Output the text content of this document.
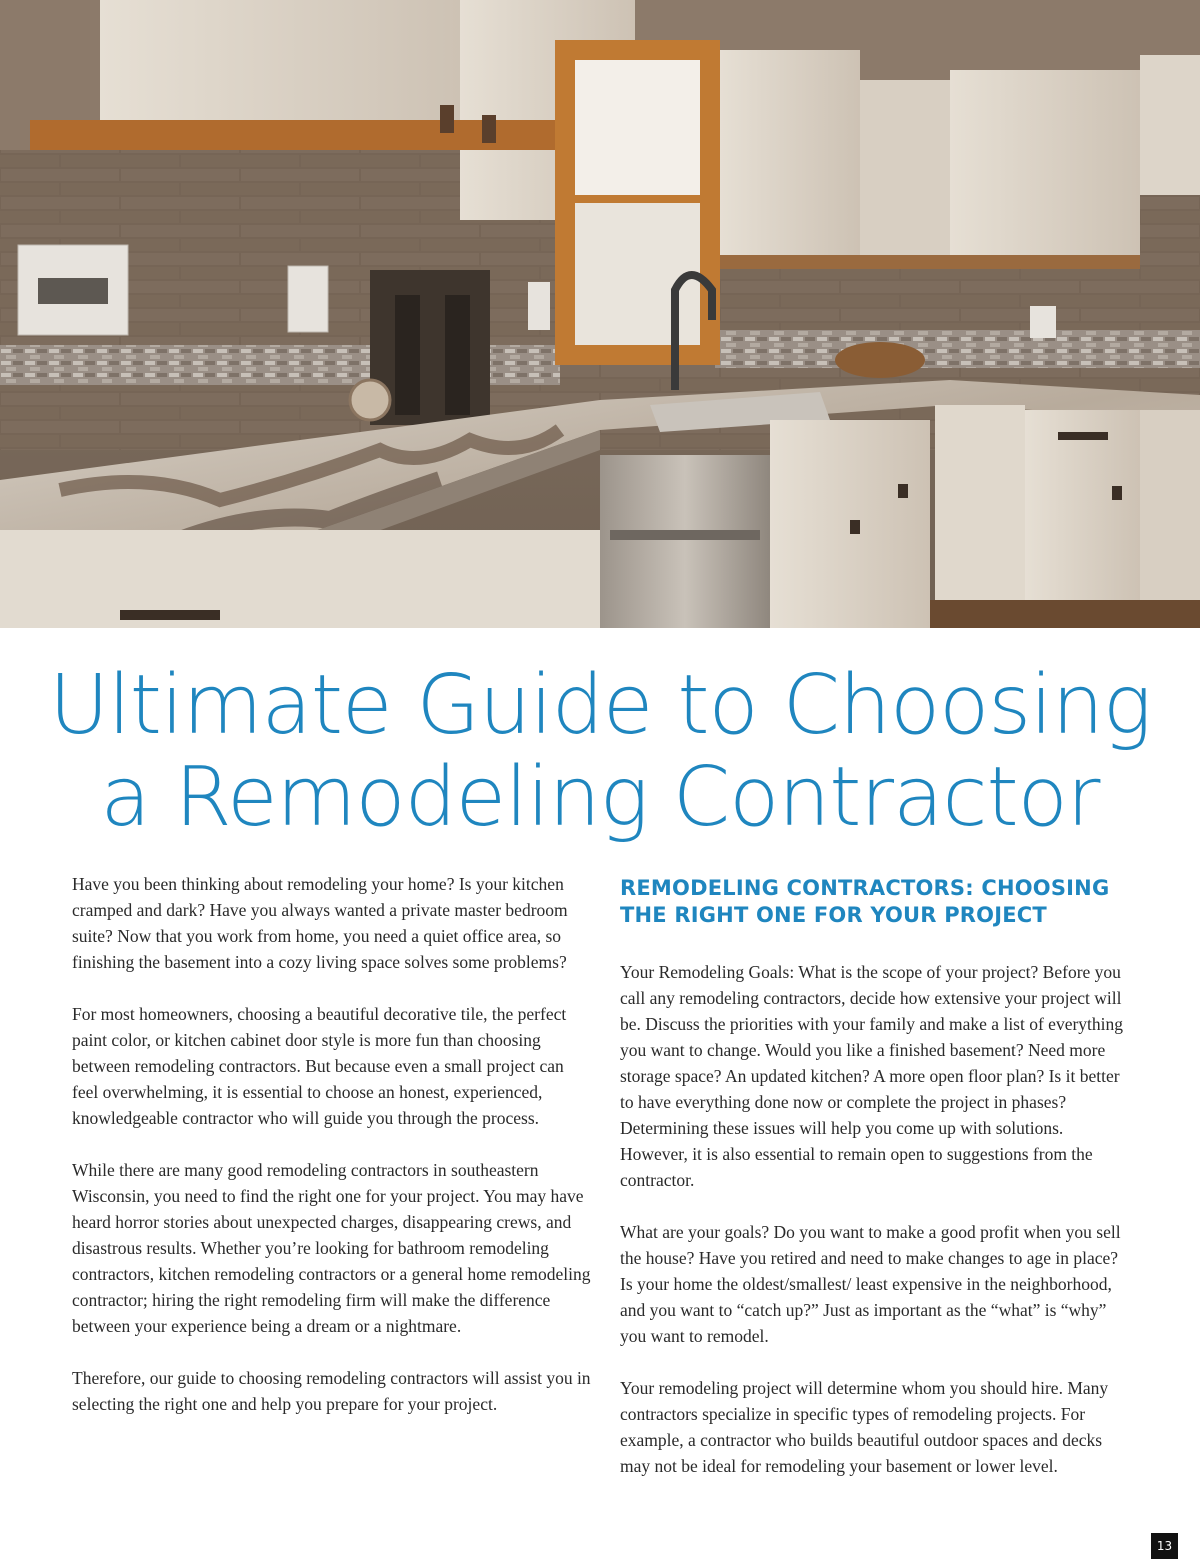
Ultimate Guide to Choosing
a Remodeling Contractor

Have you been thinking about remodeling your home? Is your kitchen cramped and dark? Have you always wanted a private master bedroom suite? Now that you work from home, you need a quiet office area, so finishing the basement into a cozy living space solves some problems?

For most homeowners, choosing a beautiful decorative tile, the perfect paint color, or kitchen cabinet door style is more fun than choosing between remodeling contractors. But because even a small project can feel overwhelming, it is essential to choose an honest, experienced, knowledgeable contractor who will guide you through the process.

While there are many good remodeling contractors in southeastern Wisconsin, you need to find the right one for your project. You may have heard horror stories about unexpected charges, disappearing crews, and disastrous results. Whether you’re looking for bathroom remodeling contractors, kitchen remodeling contractors or a general home remodeling contractor; hiring the right remodeling firm will make the difference between your experience being a dream or a nightmare.

Therefore, our guide to choosing remodeling contractors will assist you in selecting the right one and help you prepare for your project.

REMODELING CONTRACTORS: CHOOSING THE RIGHT ONE FOR YOUR PROJECT

Your Remodeling Goals: What is the scope of your project? Before you call any remodeling contractors, decide how extensive your project will be. Discuss the priorities with your family and make a list of everything you want to change. Would you like a finished basement? Need more storage space? An updated kitchen? A more open floor plan? Is it better to have everything done now or complete the project in phases? Determining these issues will help you come up with solutions. However, it is also essential to remain open to suggestions from the contractor.

What are your goals? Do you want to make a good profit when you sell the house? Have you retired and need to make changes to age in place? Is your home the oldest/smallest/ least expensive in the neighborhood, and you want to “catch up?” Just as important as the “what” is “why” you want to remodel.

Your remodeling project will determine whom you should hire. Many contractors specialize in specific types of remodeling projects. For example, a contractor who builds beautiful outdoor spaces and decks may not be ideal for remodeling your basement or lower level.

13
